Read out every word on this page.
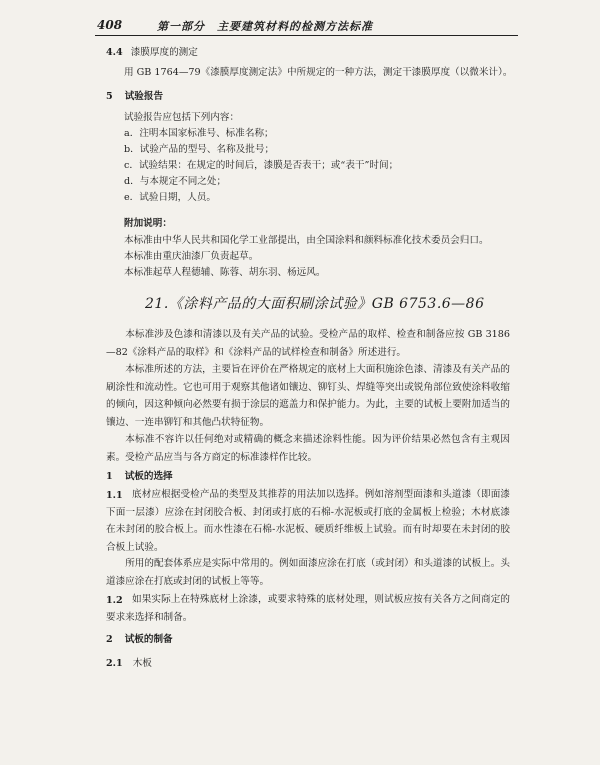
408	第一部分　主要建筑材料的检测方法标准
4.4 漆膜厚度的测定
用 GB 1764—79《漆膜厚度测定法》中所规定的一种方法，测定干漆膜厚度（以微米计）。
5 试验报告
试验报告应包括下列内容：
a．注明本国家标准号、标准名称；
b．试验产品的型号、名称及批号；
c．试验结果：在规定的时间后，漆膜是否表干；或“表干”时间；
d．与本规定不同之处；
e．试验日期，人员。
附加说明：
本标准由中华人民共和国化学工业部提出，由全国涂料和颜料标准化技术委员会归口。
本标准由重庆油漆厂负责起草。
本标准起草人程德辅、陈蓉、胡东羽、杨远风。
21.《涂料产品的大面积刷涂试验》GB 6753.6—86
本标准涉及色漆和清漆以及有关产品的试验。受检产品的取样、检查和制备应按 GB 3186—82《涂料产品的取样》和《涂料产品的试样检查和制备》所述进行。
本标准所述的方法，主要旨在评价在严格规定的底材上大面积施涂色漆、清漆及有关产品的刷涂性和流动性。它也可用于观察其他诸如镶边、铆钉头、焊缝等突出或锐角部位致使涂料收缩的倾向，因这种倾向必然要有损于涂层的遮盖力和保护能力。为此，主要的试板上要附加适当的镶边、一连串铆钉和其他凸状特征物。
本标准不容许以任何绝对或精确的概念来描述涂料性能。因为评价结果必然包含有主观因素。受检产品应当与各方商定的标准漆样作比较。
1 试板的选择
1.1 底材应根据受检产品的类型及其推荐的用法加以选择。例如溶剂型面漆和头道漆（即面漆下面一层漆）应涂在封闭胶合板、封闭或打底的石棉-水泥板或打底的金属板上检验；木材底漆在未封闭的胶合板上。而水性漆在石棉-水泥板、硬质纤维板上试验。而有时却要在未封闭的胶合板上试验。
所用的配套体系应是实际中常用的。例如面漆应涂在打底（或封闭）和头道漆的试板上。头道漆应涂在打底或封闭的试板上等等。
1.2 如果实际上在特殊底材上涂漆，或要求特殊的底材处理，则试板应按有关各方之间商定的要求来选择和制备。
2 试板的制备
2.1 木板
